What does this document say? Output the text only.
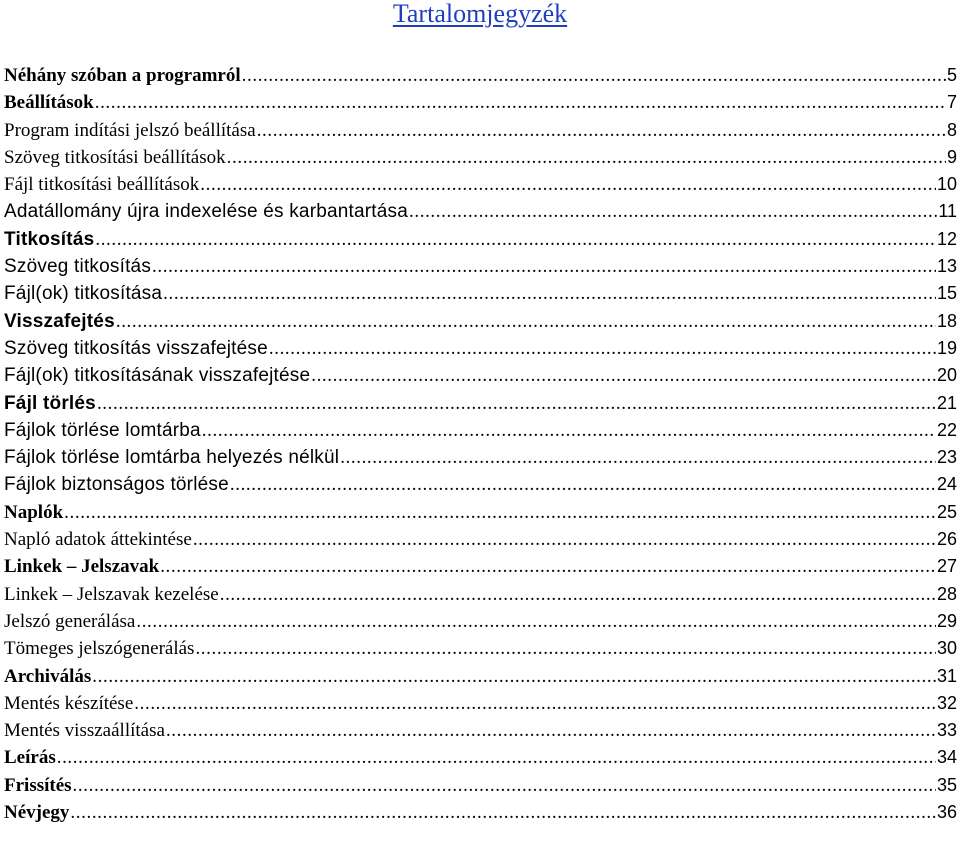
Tartalomjegyzék
Néhány szóban a programról .....	5
Beállítások .....	7
Program indítási jelszó beállítása .....	8
Szöveg titkosítási beállítások .....	9
Fájl titkosítási beállítások .....	10
Adatállomány újra indexelése és karbantartása .....	11
Titkosítás .....	12
Szöveg titkosítás .....	13
Fájl(ok) titkosítása .....	15
Visszafejtés .....	18
Szöveg titkosítás visszafejtése .....	19
Fájl(ok) titkosításának visszafejtése .....	20
Fájl törlés .....	21
Fájlok törlése lomtárba .....	22
Fájlok törlése lomtárba helyezés nélkül .....	23
Fájlok biztonságos törlése .....	24
Naplók .....	25
Napló adatok áttekintése .....	26
Linkek – Jelszavak .....	27
Linkek – Jelszavak kezelése .....	28
Jelszó generálása .....	29
Tömeges jelszógenerálás .....	30
Archiválás .....	31
Mentés készítése .....	32
Mentés visszaállítása .....	33
Leírás .....	34
Frissítés .....	35
Névjegy .....	36
